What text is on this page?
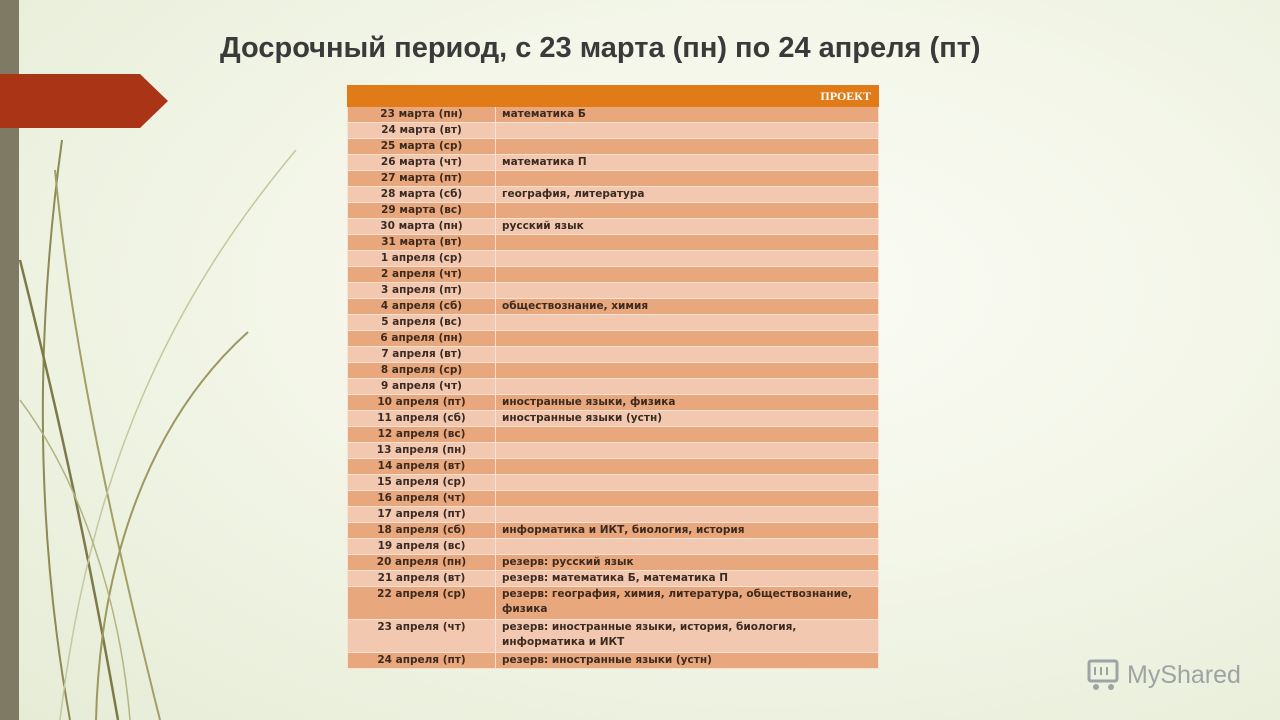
Досрочный период, с 23 марта (пн) по 24 апреля (пт)
ПРОЕКТ	
23 марта (пн)	математика Б
24 марта (вт)	
25 марта (ср)	
26 марта (чт)	математика П
27 марта (пт)	
28 марта (сб)	география, литература
29 марта (вс)	
30 марта (пн)	русский язык
31 марта (вт)	
1 апреля (ср)	
2 апреля (чт)	
3 апреля (пт)	
4 апреля (сб)	обществознание, химия
5 апреля (вс)	
6 апреля (пн)	
7 апреля (вт)	
8 апреля (ср)	
9 апреля (чт)	
10 апреля (пт)	иностранные языки, физика
11 апреля (сб)	иностранные языки (устн)
12 апреля (вс)	
13 апреля (пн)	
14 апреля (вт)	
15 апреля (ср)	
16 апреля (чт)	
17 апреля (пт)	
18 апреля (сб)	информатика и ИКТ, биология, история
19 апреля (вс)	
20 апреля (пн)	резерв: русский язык
21 апреля (вт)	резерв: математика Б, математика П
22 апреля (ср)	резерв: география, химия, литература, обществознание, физика
23 апреля (чт)	резерв: иностранные языки, история, биология, информатика и ИКТ
24 апреля (пт)	резерв: иностранные языки (устн)
MyShared
